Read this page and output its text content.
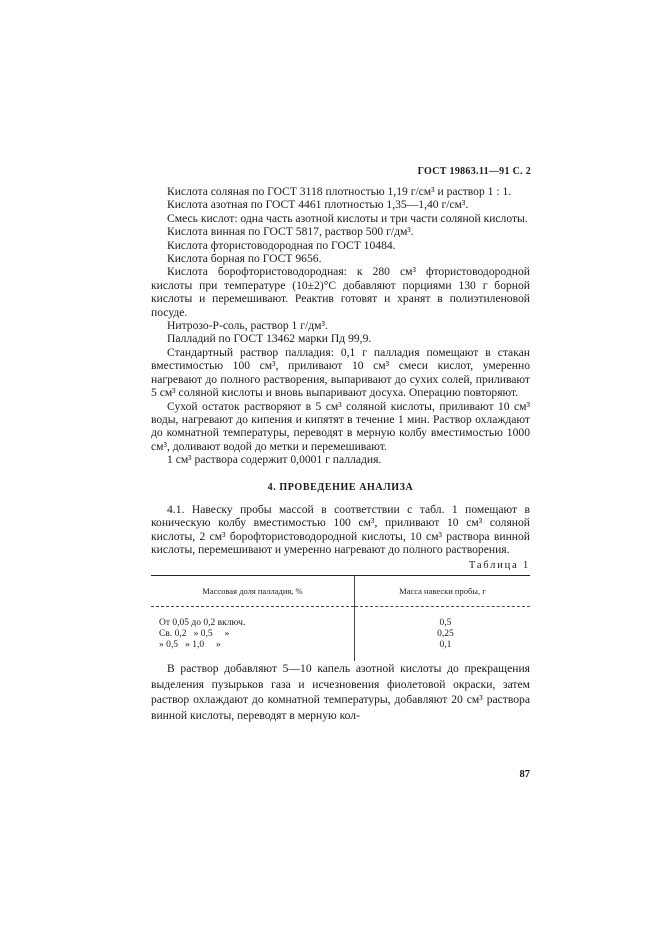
ГОСТ 19863.11—91 С. 2

Кислота соляная по ГОСТ 3118 плотностью 1,19 г/см³ и раствор 1 : 1.

Кислота азотная по ГОСТ 4461 плотностью 1,35—1,40 г/см³.

Смесь кислот: одна часть азотной кислоты и три части соляной кислоты.

Кислота винная по ГОСТ 5817, раствор 500 г/дм³.

Кислота фтористоводородная по ГОСТ 10484.

Кислота борная по ГОСТ 9656.

Кислота борофтористоводородная: к 280 см³ фтористоводородной кислоты при температуре (10±2)°С добавляют порциями 130 г борной кислоты и перемешивают. Реактив готовят и хранят в полиэтиленовой посуде.

Нитрозо-Р-соль, раствор 1 г/дм³.

Палладий по ГОСТ 13462 марки Пд 99,9.

Стандартный раствор палладия: 0,1 г палладия помещают в стакан вместимостью 100 см³, приливают 10 см³ смеси кислот, умеренно нагревают до полного растворения, выпаривают до сухих солей, приливают 5 см³ соляной кислоты и вновь выпаривают досуха. Операцию повторяют.

Сухой остаток растворяют в 5 см³ соляной кислоты, приливают 10 см³ воды, нагревают до кипения и кипятят в течение 1 мин. Раствор охлаждают до комнатной температуры, переводят в мерную колбу вместимостью 1000 см³, доливают водой до метки и перемешивают.

1 см³ раствора содержит 0,0001 г палладия.

4. ПРОВЕДЕНИЕ АНАЛИЗА

4.1. Навеску пробы массой в соответствии с табл. 1 помещают в коническую колбу вместимостью 100 см³, приливают 10 см³ соляной кислоты, 2 см³ борофтористоводородной кислоты, 10 см³ раствора винной кислоты, перемешивают и умеренно нагревают до полного растворения.

Таблица 1
Массовая доля палладия, %	Масса навески пробы, г
От 0,05 до 0,2 включ.	0,5
Св. 0,2   » 0,5     »	0,25
» 0,5   » 1,0     »	0,1

В раствор добавляют 5—10 капель азотной кислоты до прекращения выделения пузырьков газа и исчезновения фиолетовой окраски, затем раствор охлаждают до комнатной температуры, добавляют 20 см³ раствора винной кислоты, переводят в мерную кол-

87
